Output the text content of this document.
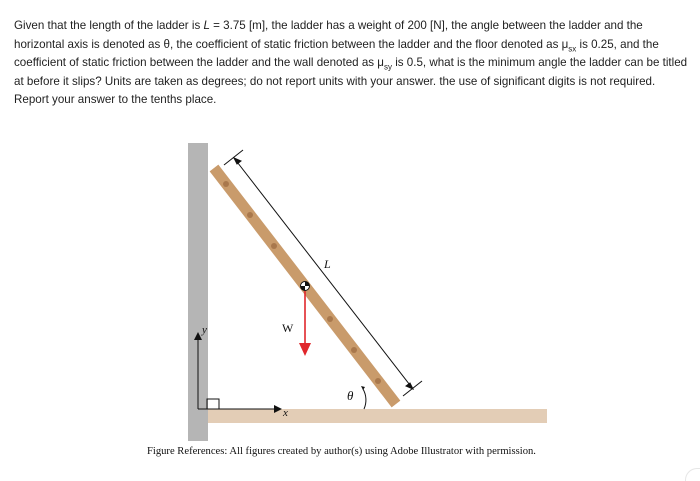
Given that the length of the ladder is L = 3.75 [m], the ladder has a weight of 200 [N], the angle between the ladder and the horizontal axis is denoted as θ, the coefficient of static friction between the ladder and the floor denoted as $\mu_{sx}$ is 0.25, and the coefficient of static friction between the ladder and the wall denoted as $\mu_{sy}$ is 0.5, what is the minimum angle the ladder can be titled at before it slips? Units are taken as degrees; do not report units with your answer. the use of significant digits is not required. Report your answer to the tenths place.

L
W
θ
y
x
Figure References: All figures created by author(s) using Adobe Illustrator with permission.
